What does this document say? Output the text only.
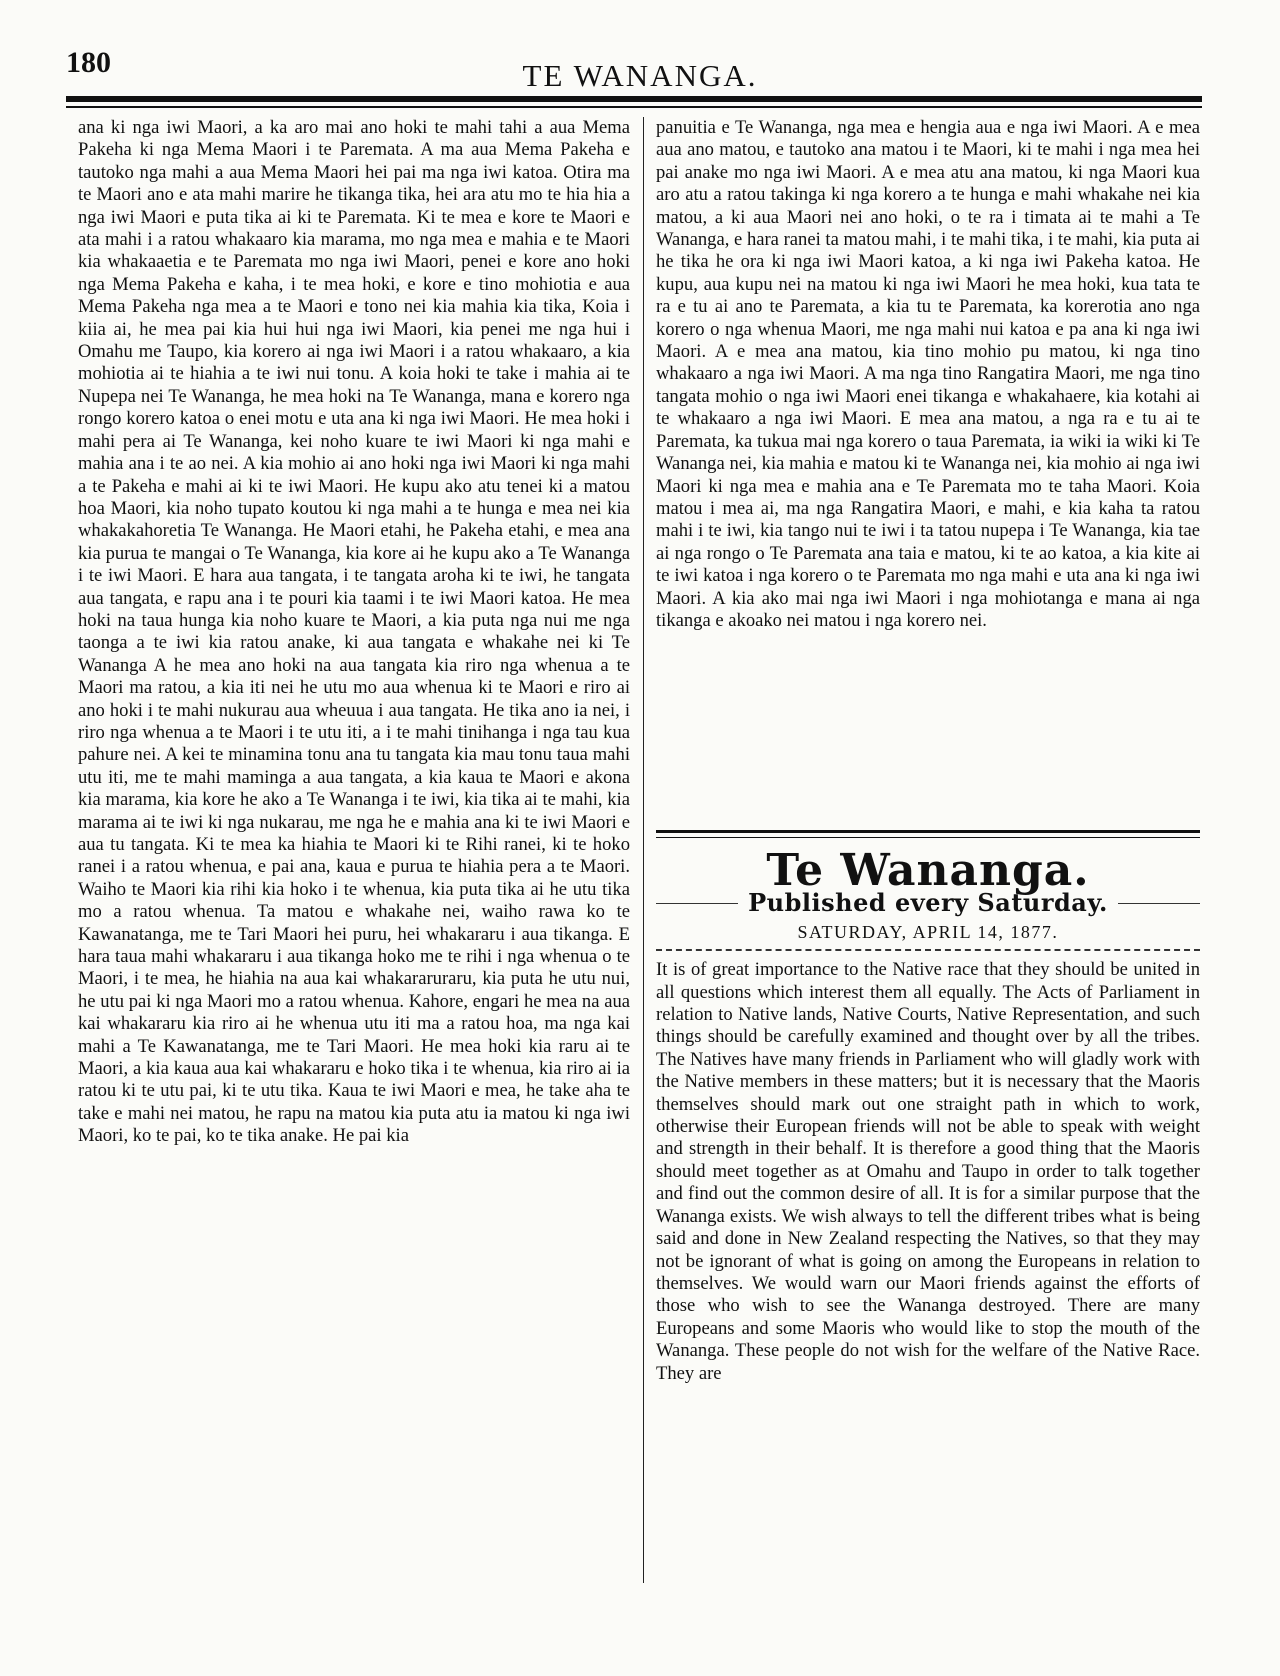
180	TE WANANGA.

ana ki nga iwi Maori, a ka aro mai ano hoki te mahi tahi a aua Mema Pakeha ki nga Mema Maori i te Paremata. A ma aua Mema Pakeha e tautoko nga mahi a aua Mema Maori hei pai ma nga iwi katoa. Otira ma te Maori ano e ata mahi marire he tikanga tika, hei ara atu mo te hia hia a nga iwi Maori e puta tika ai ki te Paremata. Ki te mea e kore te Maori e ata mahi i a ratou whakaaro kia marama, mo nga mea e mahia e te Maori kia whakaaetia e te Paremata mo nga iwi Maori, penei e kore ano hoki nga Mema Pakeha e kaha, i te mea hoki, e kore e tino mohiotia e aua Mema Pakeha nga mea a te Maori e tono nei kia mahia kia tika, Koia i kiia ai, he mea pai kia hui hui nga iwi Maori, kia penei me nga hui i Omahu me Taupo, kia korero ai nga iwi Maori i a ratou whakaaro, a kia mohiotia ai te hiahia a te iwi nui tonu. A koia hoki te take i mahia ai te Nupepa nei Te Wananga, he mea hoki na Te Wananga, mana e korero nga rongo korero katoa o enei motu e uta ana ki nga iwi Maori. He mea hoki i mahi pera ai Te Wananga, kei noho kuare te iwi Maori ki nga mahi e mahia ana i te ao nei. A kia mohio ai ano hoki nga iwi Maori ki nga mahi a te Pakeha e mahi ai ki te iwi Maori. He kupu ako atu tenei ki a matou hoa Maori, kia noho tupato koutou ki nga mahi a te hunga e mea nei kia whakakahoretia Te Wananga. He Maori etahi, he Pakeha etahi, e mea ana kia purua te mangai o Te Wananga, kia kore ai he kupu ako a Te Wananga i te iwi Maori. E hara aua tangata, i te tangata aroha ki te iwi, he tangata aua tangata, e rapu ana i te pouri kia taami i te iwi Maori katoa. He mea hoki na taua hunga kia noho kuare te Maori, a kia puta nga nui me nga taonga a te iwi kia ratou anake, ki aua tangata e whakahe nei ki Te Wananga A he mea ano hoki na aua tangata kia riro nga whenua a te Maori ma ratou, a kia iti nei he utu mo aua whenua ki te Maori e riro ai ano hoki i te mahi nukurau aua wheuua i aua tangata. He tika ano ia nei, i riro nga whenua a te Maori i te utu iti, a i te mahi tinihanga i nga tau kua pahure nei. A kei te minamina tonu ana tu tangata kia mau tonu taua mahi utu iti, me te mahi maminga a aua tangata, a kia kaua te Maori e akona kia marama, kia kore he ako a Te Wananga i te iwi, kia tika ai te mahi, kia marama ai te iwi ki nga nukarau, me nga he e mahia ana ki te iwi Maori e aua tu tangata. Ki te mea ka hiahia te Maori ki te Rihi ranei, ki te hoko ranei i a ratou whenua, e pai ana, kaua e purua te hiahia pera a te Maori. Waiho te Maori kia rihi kia hoko i te whenua, kia puta tika ai he utu tika mo a ratou whenua. Ta matou e whakahe nei, waiho rawa ko te Kawanatanga, me te Tari Maori hei puru, hei whakararu i aua tikanga. E hara taua mahi whakararu i aua tikanga hoko me te rihi i nga whenua o te Maori, i te mea, he hiahia na aua kai whakararuraru, kia puta he utu nui, he utu pai ki nga Maori mo a ratou whenua. Kahore, engari he mea na aua kai whakararu kia riro ai he whenua utu iti ma a ratou hoa, ma nga kai mahi a Te Kawanatanga, me te Tari Maori. He mea hoki kia raru ai te Maori, a kia kaua aua kai whakararu e hoko tika i te whenua, kia riro ai ia ratou ki te utu pai, ki te utu tika. Kaua te iwi Maori e mea, he take aha te take e mahi nei matou, he rapu na matou kia puta atu ia matou ki nga iwi Maori, ko te pai, ko te tika anake. He pai kia

panuitia e Te Wananga, nga mea e hengia aua e nga iwi Maori. A e mea aua ano matou, e tautoko ana matou i te Maori, ki te mahi i nga mea hei pai anake mo nga iwi Maori. A e mea atu ana matou, ki nga Maori kua aro atu a ratou takinga ki nga korero a te hunga e mahi whakahe nei kia matou, a ki aua Maori nei ano hoki, o te ra i timata ai te mahi a Te Wananga, e hara ranei ta matou mahi, i te mahi tika, i te mahi, kia puta ai he tika he ora ki nga iwi Maori katoa, a ki nga iwi Pakeha katoa. He kupu, aua kupu nei na matou ki nga iwi Maori he mea hoki, kua tata te ra e tu ai ano te Paremata, a kia tu te Paremata, ka korerotia ano nga korero o nga whenua Maori, me nga mahi nui katoa e pa ana ki nga iwi Maori. A e mea ana matou, kia tino mohio pu matou, ki nga tino whakaaro a nga iwi Maori. A ma nga tino Rangatira Maori, me nga tino tangata mohio o nga iwi Maori enei tikanga e whakahaere, kia kotahi ai te whakaaro a nga iwi Maori. E mea ana matou, a nga ra e tu ai te Paremata, ka tukua mai nga korero o taua Paremata, ia wiki ia wiki ki Te Wananga nei, kia mahia e matou ki te Wananga nei, kia mohio ai nga iwi Maori ki nga mea e mahia ana e Te Paremata mo te taha Maori. Koia matou i mea ai, ma nga Rangatira Maori, e mahi, e kia kaha ta ratou mahi i te iwi, kia tango nui te iwi i ta tatou nupepa i Te Wananga, kia tae ai nga rongo o Te Paremata ana taia e matou, ki te ao katoa, a kia kite ai te iwi katoa i nga korero o te Paremata mo nga mahi e uta ana ki nga iwi Maori. A kia ako mai nga iwi Maori i nga mohiotanga e mana ai nga tikanga e akoako nei matou i nga korero nei.

Te Wananga.
Published every Saturday.
SATURDAY, APRIL 14, 1877.

It is of great importance to the Native race that they should be united in all questions which interest them all equally. The Acts of Parliament in relation to Native lands, Native Courts, Native Representation, and such things should be carefully examined and thought over by all the tribes. The Natives have many friends in Parliament who will gladly work with the Native members in these matters; but it is necessary that the Maoris themselves should mark out one straight path in which to work, otherwise their European friends will not be able to speak with weight and strength in their behalf. It is therefore a good thing that the Maoris should meet together as at Omahu and Taupo in order to talk together and find out the common desire of all. It is for a similar purpose that the Wananga exists. We wish always to tell the different tribes what is being said and done in New Zealand respecting the Natives, so that they may not be ignorant of what is going on among the Europeans in relation to themselves. We would warn our Maori friends against the efforts of those who wish to see the Wananga destroyed. There are many Europeans and some Maoris who would like to stop the mouth of the Wananga. These people do not wish for the welfare of the Native Race. They are
